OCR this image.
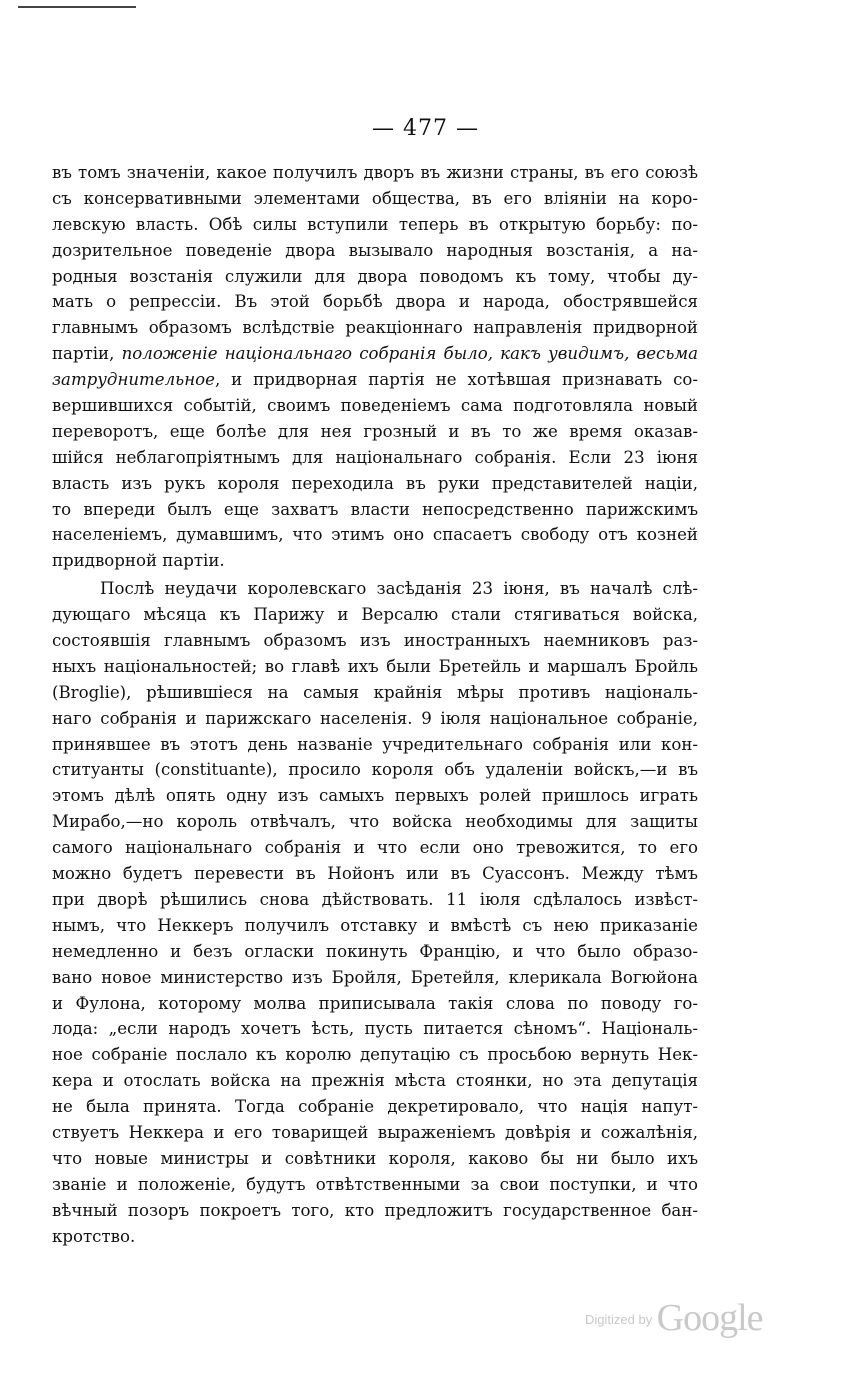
— 477 —
въ томъ значенiи, какое получилъ дворъ въ жизни страны, въ его союзѣ
съ консервативными элементами общества, въ его влiянiи на коро-
левскую власть. Обѣ силы вступили теперь въ открытую борьбу: по-
дозрительное поведенiе двора вызывало народныя возстанiя, а на-
родныя возстанiя служили для двора поводомъ къ тому, чтобы ду-
мать о репрессiи. Въ этой борьбѣ двора и народа, обострявшейся
главнымъ образомъ вслѣдствiе реакцiоннаго направленiя придворной
партiи, положенiе нацiональнаго собранiя было, какъ увидимъ, весьма
затруднительное, и придворная партiя не хотѣвшая признавать со-
вершившихся событiй, своимъ поведенiемъ сама подготовляла новый
переворотъ, еще болѣе для нея грозный и въ то же время оказав-
шiйся неблагопрiятнымъ для нацiональнаго собранiя. Если 23 iюня
власть изъ рукъ короля переходила въ руки представителей нацiи,
то впереди былъ еще захватъ власти непосредственно парижскимъ
населенiемъ, думавшимъ, что этимъ оно спасаетъ свободу отъ козней
придворной партiи.
Послѣ неудачи королевскаго засѣданiя 23 iюня, въ началѣ слѣ-
дующаго мѣсяца къ Парижу и Версалю стали стягиваться войска,
состоявшiя главнымъ образомъ изъ иностранныхъ наемниковъ раз-
ныхъ нацiональностей; во главѣ ихъ были Бретейль и маршалъ Бройль
(Broglie), рѣшившiеся на самыя крайнiя мѣры противъ нацiональ-
наго собранiя и парижскаго населенiя. 9 iюля нацiональное собранiе,
принявшее въ этотъ день названiе учредительнаго собранiя или кон-
ституанты (constituante), просило короля объ удаленiи войскъ,—и въ
этомъ дѣлѣ опять одну изъ самыхъ первыхъ ролей пришлось играть
Мирабо,—но король отвѣчалъ, что войска необходимы для защиты
самого нацiональнаго собранiя и что если оно тревожится, то его
можно будетъ перевести въ Нойонъ или въ Суассонъ. Между тѣмъ
при дворѣ рѣшились снова дѣйствовать. 11 iюля сдѣлалось извѣст-
нымъ, что Неккеръ получилъ отставку и вмѣстѣ съ нею приказанiе
немедленно и безъ огласки покинуть Францiю, и что было образо-
вано новое министерство изъ Бройля, Бретейля, клерикала Вогюйона
и Фулона, которому молва приписывала такiя слова по поводу го-
лода: „если народъ хочетъ ѣсть, пусть питается сѣномъ“. Нацiональ-
ное собранiе послало къ королю депутацiю съ просьбою вернуть Нек-
кера и отослать войска на прежнiя мѣста стоянки, но эта депутацiя
не была принята. Тогда собранiе декретировало, что нацiя напут-
ствуетъ Неккера и его товарищей выраженiемъ довѣрiя и сожалѣнiя,
что новые министры и совѣтники короля, каково бы ни было ихъ
званiе и положенiе, будутъ отвѣтственными за свои поступки, и что
вѣчный позоръ покроетъ того, кто предложитъ государственное бан-
кротство.
$^{Digitized by}$ Google
